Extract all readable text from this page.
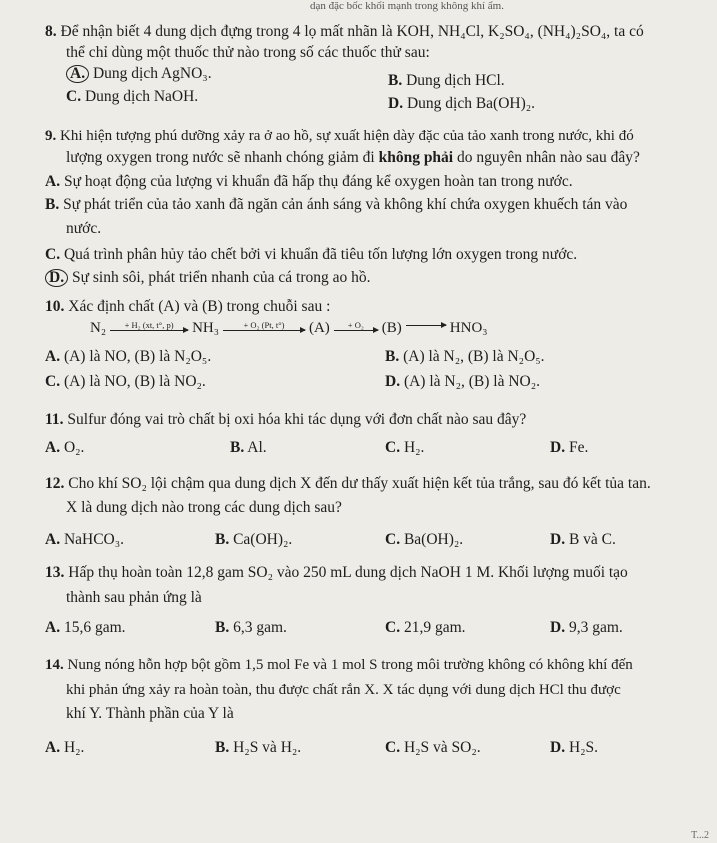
dạn đặc bốc khối mạnh trong không khí ẩm.
8. Để nhận biết 4 dung dịch đựng trong 4 lọ mất nhãn là KOH, NH₄Cl, K₂SO₄, (NH₄)₂SO₄, ta có
thể chỉ dùng một thuốc thử nào trong số các thuốc thử sau:
A. Dung dịch AgNO₃.	B. Dung dịch HCl.
C. Dung dịch NaOH.	D. Dung dịch Ba(OH)₂.
9. Khi hiện tượng phú dưỡng xảy ra ở ao hồ, sự xuất hiện dày đặc của tảo xanh trong nước, khi đó
lượng oxygen trong nước sẽ nhanh chóng giảm đi không phải do nguyên nhân nào sau đây?
A. Sự hoạt động của lượng vi khuẩn đã hấp thụ đáng kể oxygen hoàn tan trong nước.
B. Sự phát triển của tảo xanh đã ngăn cản ánh sáng và không khí chứa oxygen khuếch tán vào
nước.
C. Quá trình phân hủy tảo chết bởi vi khuẩn đã tiêu tốn lượng lớn oxygen trong nước.
D. Sự sinh sôi, phát triển nhanh của cá trong ao hồ.
10. Xác định chất (A) và (B) trong chuỗi sau :
N₂ + H₂ (xt, t°, p) NH₃	+ O₂ (Pt, t°) (A) + O₂ (B)	HNO₃
A. (A) là NO, (B) là N₂O₅.	B. (A) là N₂, (B) là N₂O₅.
C. (A) là NO, (B) là NO₂.	D. (A) là N₂, (B) là NO₂.
11. Sulfur đóng vai trò chất bị oxi hóa khi tác dụng với đơn chất nào sau đây?
A. O₂.	B. Al.	C. H₂.	D. Fe.
12. Cho khí SO₂ lội chậm qua dung dịch X đến dư thấy xuất hiện kết tủa trắng, sau đó kết tủa tan.
X là dung dịch nào trong các dung dịch sau?
A. NaHCO₃.	B. Ca(OH)₂.	C. Ba(OH)₂.	D. B và C.
13. Hấp thụ hoàn toàn 12,8 gam SO₂ vào 250 mL dung dịch NaOH 1 M. Khối lượng muối tạo
thành sau phản ứng là
A. 15,6 gam.	B. 6,3 gam.	C. 21,9 gam.	D. 9,3 gam.
14. Nung nóng hỗn hợp bột gồm 1,5 mol Fe và 1 mol S trong môi trường không có không khí đến
khi phản ứng xảy ra hoàn toàn, thu được chất rắn X. X tác dụng với dung dịch HCl thu được
khí Y. Thành phần của Y là
A. H₂.	B. H₂S và H₂.	C. H₂S và SO₂.	D. H₂S.
T...2
